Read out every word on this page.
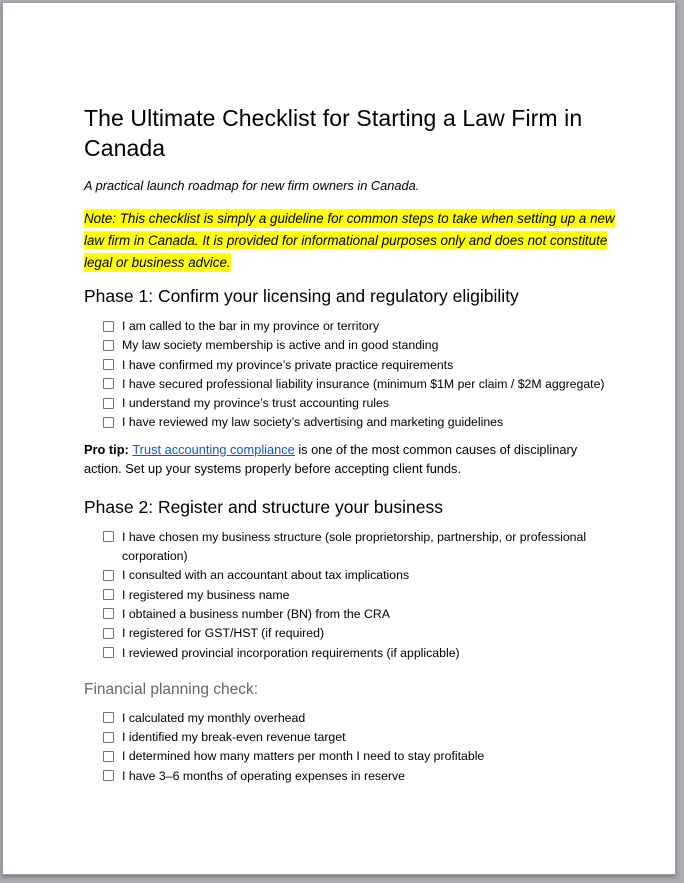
The Ultimate Checklist for Starting a Law Firm in Canada

A practical launch roadmap for new firm owners in Canada.

Note: This checklist is simply a guideline for common steps to take when setting up a new law firm in Canada. It is provided for informational purposes only and does not constitute legal or business advice.

Phase 1: Confirm your licensing and regulatory eligibility
I am called to the bar in my province or territory
My law society membership is active and in good standing
I have confirmed my province’s private practice requirements
I have secured professional liability insurance (minimum $1M per claim / $2M aggregate)
I understand my province’s trust accounting rules
I have reviewed my law society’s advertising and marketing guidelines

Pro tip: Trust accounting compliance is one of the most common causes of disciplinary action. Set up your systems properly before accepting client funds.

Phase 2: Register and structure your business
I have chosen my business structure (sole proprietorship, partnership, or professional corporation)
I consulted with an accountant about tax implications
I registered my business name
I obtained a business number (BN) from the CRA
I registered for GST/HST (if required)
I reviewed provincial incorporation requirements (if applicable)
Financial planning check:
I calculated my monthly overhead
I identified my break-even revenue target
I determined how many matters per month I need to stay profitable
I have 3–6 months of operating expenses in reserve
